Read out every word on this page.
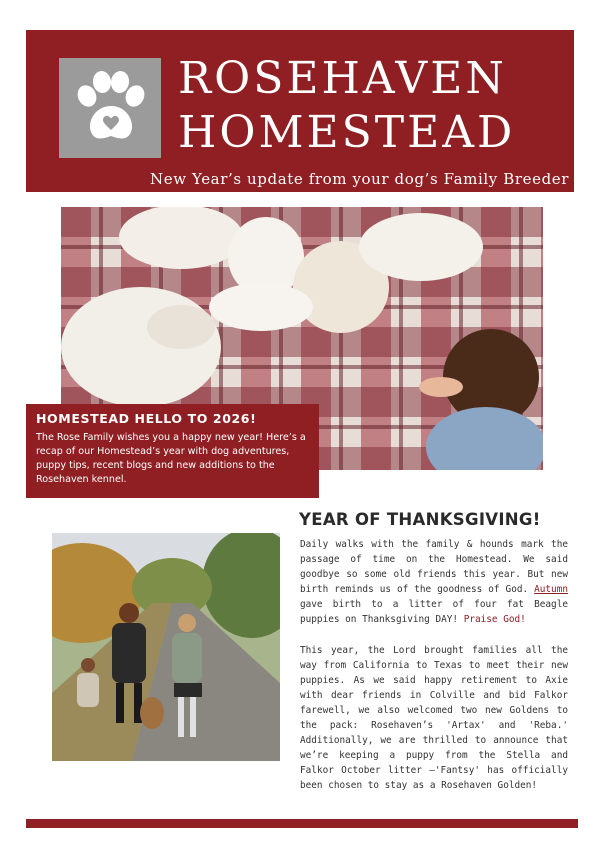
ROSEHAVEN
HOMESTEAD
New Year’s update from your dog’s Family Breeder
HOMESTEAD HELLO TO 2026!
The Rose Family wishes you a happy new year! Here’s a recap of our Homestead’s year with dog adventures, puppy tips, recent blogs and new additions to the Rosehaven kennel.
YEAR OF THANKSGIVING!

Daily walks with the family & hounds mark the passage of time on the Homestead. We said goodbye so some old friends this year. But new birth reminds us of the goodness of God. Autumn gave birth to a litter of four fat Beagle puppies on Thanksgiving DAY! Praise God!

This year, the Lord brought families all the way from California to Texas to meet their new puppies. As we said happy retirement to Axie with dear friends in Colville and bid Falkor farewell, we also welcomed two new Goldens to the pack: Rosehaven’s 'Artax' and 'Reba.' Additionally, we are thrilled to announce that we’re keeping a puppy from the Stella and Falkor October litter —'Fantsy' has officially been chosen to stay as a Rosehaven Golden!
